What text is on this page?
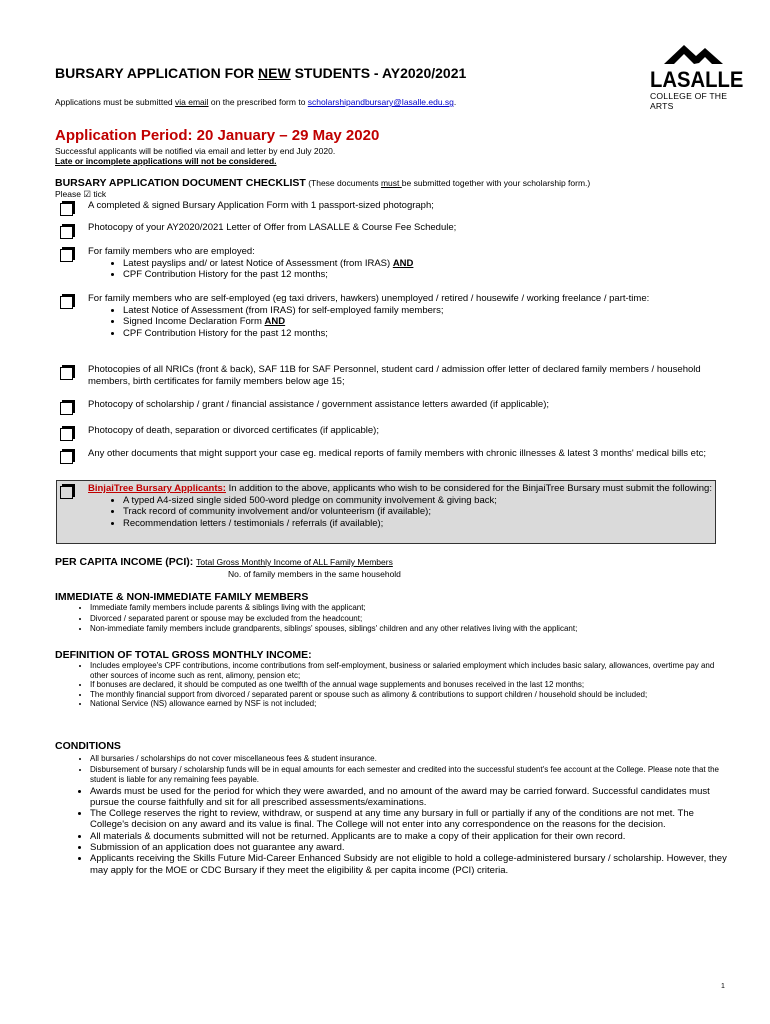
BURSARY APPLICATION FOR NEW STUDENTS - AY2020/2021
Applications must be submitted via email on the prescribed form to scholarshipandbursary@lasalle.edu.sg.
LASALLE
COLLEGE OF THE ARTS
Application Period: 20 January – 29 May 2020
Successful applicants will be notified via email and letter by end July 2020.
Late or incomplete applications will not be considered.
BURSARY APPLICATION DOCUMENT CHECKLIST (These documents must be submitted together with your scholarship form.)
Please ☑ tick
A completed & signed Bursary Application Form with 1 passport-sized photograph;
Photocopy of your AY2020/2021 Letter of Offer from LASALLE & Course Fee Schedule;
For family members who are employed:
• Latest payslips and/ or latest Notice of Assessment (from IRAS) AND
• CPF Contribution History for the past 12 months;
For family members who are self-employed (eg taxi drivers, hawkers) unemployed / retired / housewife / working freelance / part-time:
• Latest Notice of Assessment (from IRAS) for self-employed family members;
• Signed Income Declaration Form AND
• CPF Contribution History for the past 12 months;
Photocopies of all NRICs (front & back), SAF 11B for SAF Personnel, student card / admission offer letter of declared family members / household members, birth certificates for family members below age 15;
Photocopy of scholarship / grant / financial assistance / government assistance letters awarded (if applicable);
Photocopy of death, separation or divorced certificates (if applicable);
Any other documents that might support your case eg. medical reports of family members with chronic illnesses & latest 3 months' medical bills etc;
BinjaiTree Bursary Applicants: In addition to the above, applicants who wish to be considered for the BinjaiTree Bursary must submit the following:
• A typed A4-sized single sided 500-word pledge on community involvement & giving back;
• Track record of community involvement and/or volunteerism (if available);
• Recommendation letters / testimonials / referrals (if available);
PER CAPITA INCOME (PCI): Total Gross Monthly Income of ALL Family Members
No. of family members in the same household
IMMEDIATE & NON-IMMEDIATE FAMILY MEMBERS
• Immediate family members include parents & siblings living with the applicant;
• Divorced / separated parent or spouse may be excluded from the headcount;
• Non-immediate family members include grandparents, siblings' spouses, siblings' children and any other relatives living with the applicant;
DEFINITION OF TOTAL GROSS MONTHLY INCOME:
• Includes employee's CPF contributions, income contributions from self-employment, business or salaried employment which includes basic salary, allowances, overtime pay and other sources of income such as rent, alimony, pension etc;
• If bonuses are declared, it should be computed as one twelfth of the annual wage supplements and bonuses received in the last 12 months;
• The monthly financial support from divorced / separated parent or spouse such as alimony & contributions to support children / household should be included;
• National Service (NS) allowance earned by NSF is not included;
CONDITIONS
• All bursaries / scholarships do not cover miscellaneous fees & student insurance.
• Disbursement of bursary / scholarship funds will be in equal amounts for each semester and credited into the successful student's fee account at the College. Please note that the student is liable for any remaining fees payable.
• Awards must be used for the period for which they were awarded, and no amount of the award may be carried forward. Successful candidates must pursue the course faithfully and sit for all prescribed assessments/examinations.
• The College reserves the right to review, withdraw, or suspend at any time any bursary in full or partially if any of the conditions are not met. The College's decision on any award and its value is final. The College will not enter into any correspondence on the reasons for the decision.
• All materials & documents submitted will not be returned. Applicants are to make a copy of their application for their own record.
• Submission of an application does not guarantee any award.
• Applicants receiving the Skills Future Mid-Career Enhanced Subsidy are not eligible to hold a college-administered bursary / scholarship. However, they may apply for the MOE or CDC Bursary if they meet the eligibility & per capita income (PCI) criteria.
1
